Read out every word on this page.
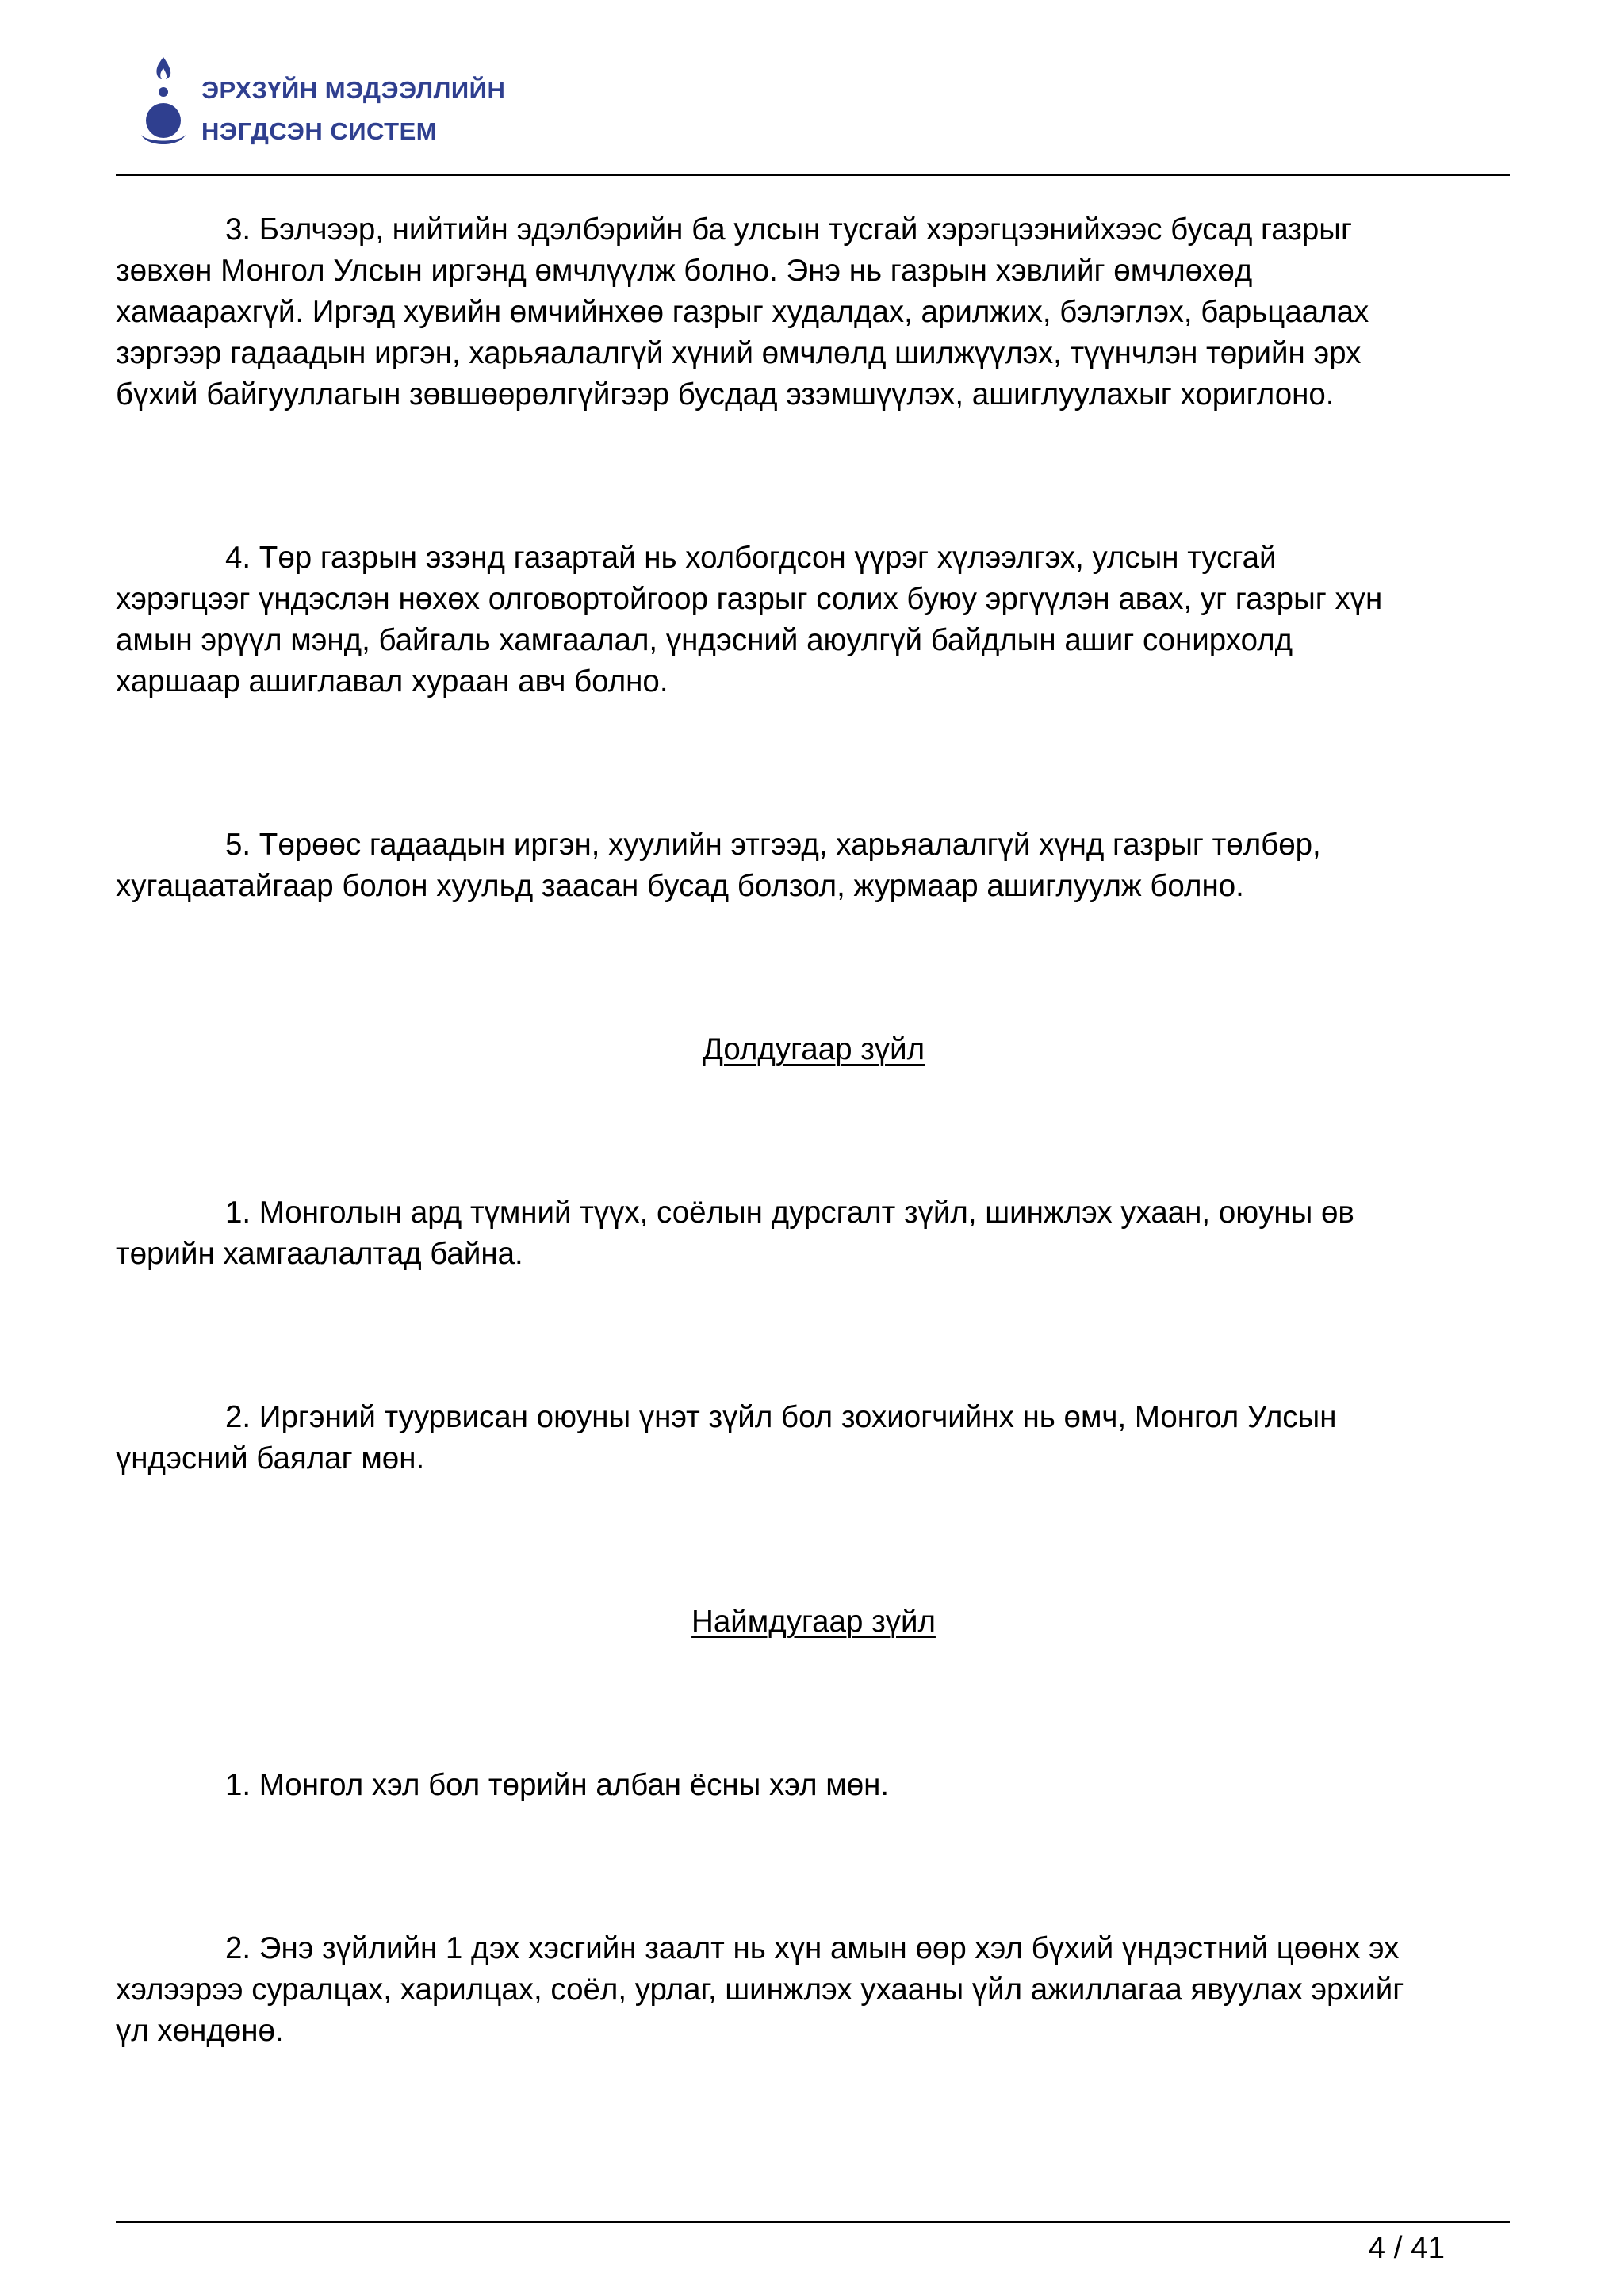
ЭРХЗҮЙН МЭДЭЭЛЛИЙН
НЭГДСЭН СИСТЕМ

3. Бэлчээр, нийтийн эдэлбэрийн ба улсын тусгай хэрэгцээнийхээс бусад газрыг
зөвхөн Монгол Улсын иргэнд өмчлүүлж болно. Энэ нь газрын хэвлийг өмчлөхөд
хамаарахгүй. Иргэд хувийн өмчийнхөө газрыг худалдах, арилжих, бэлэглэх, барьцаалах
зэргээр гадаадын иргэн, харьяалалгүй хүний өмчлөлд шилжүүлэх, түүнчлэн төрийн эрх
бүхий байгууллагын зөвшөөрөлгүйгээр бусдад эзэмшүүлэх, ашиглуулахыг хориглоно.

4. Төр газрын эзэнд газартай нь холбогдсон үүрэг хүлээлгэх, улсын тусгай
хэрэгцээг үндэслэн нөхөх олговортойгоор газрыг солих буюу эргүүлэн авах, уг газрыг хүн
амын эрүүл мэнд, байгаль хамгаалал, үндэсний аюулгүй байдлын ашиг сонирхолд
харшаар ашиглавал хураан авч болно.

5. Төрөөс гадаадын иргэн, хуулийн этгээд, харьяалалгүй хүнд газрыг төлбөр,
хугацаатайгаар болон хуульд заасан бусад болзол, журмаар ашиглуулж болно.

Долдугаар зүйл

1. Монголын ард түмний түүх, соёлын дурсгалт зүйл, шинжлэх ухаан, оюуны өв
төрийн хамгаалалтад байна.

2. Иргэний туурвисан оюуны үнэт зүйл бол зохиогчийнх нь өмч, Монгол Улсын
үндэсний баялаг мөн.

Наймдугаар зүйл

1. Монгол хэл бол төрийн албан ёсны хэл мөн.

2. Энэ зүйлийн 1 дэх хэсгийн заалт нь хүн амын өөр хэл бүхий үндэстний цөөнх эх
хэлээрээ суралцах, харилцах, соёл, урлаг, шинжлэх ухааны үйл ажиллагаа явуулах эрхийг
үл хөндөнө.

4 / 41
